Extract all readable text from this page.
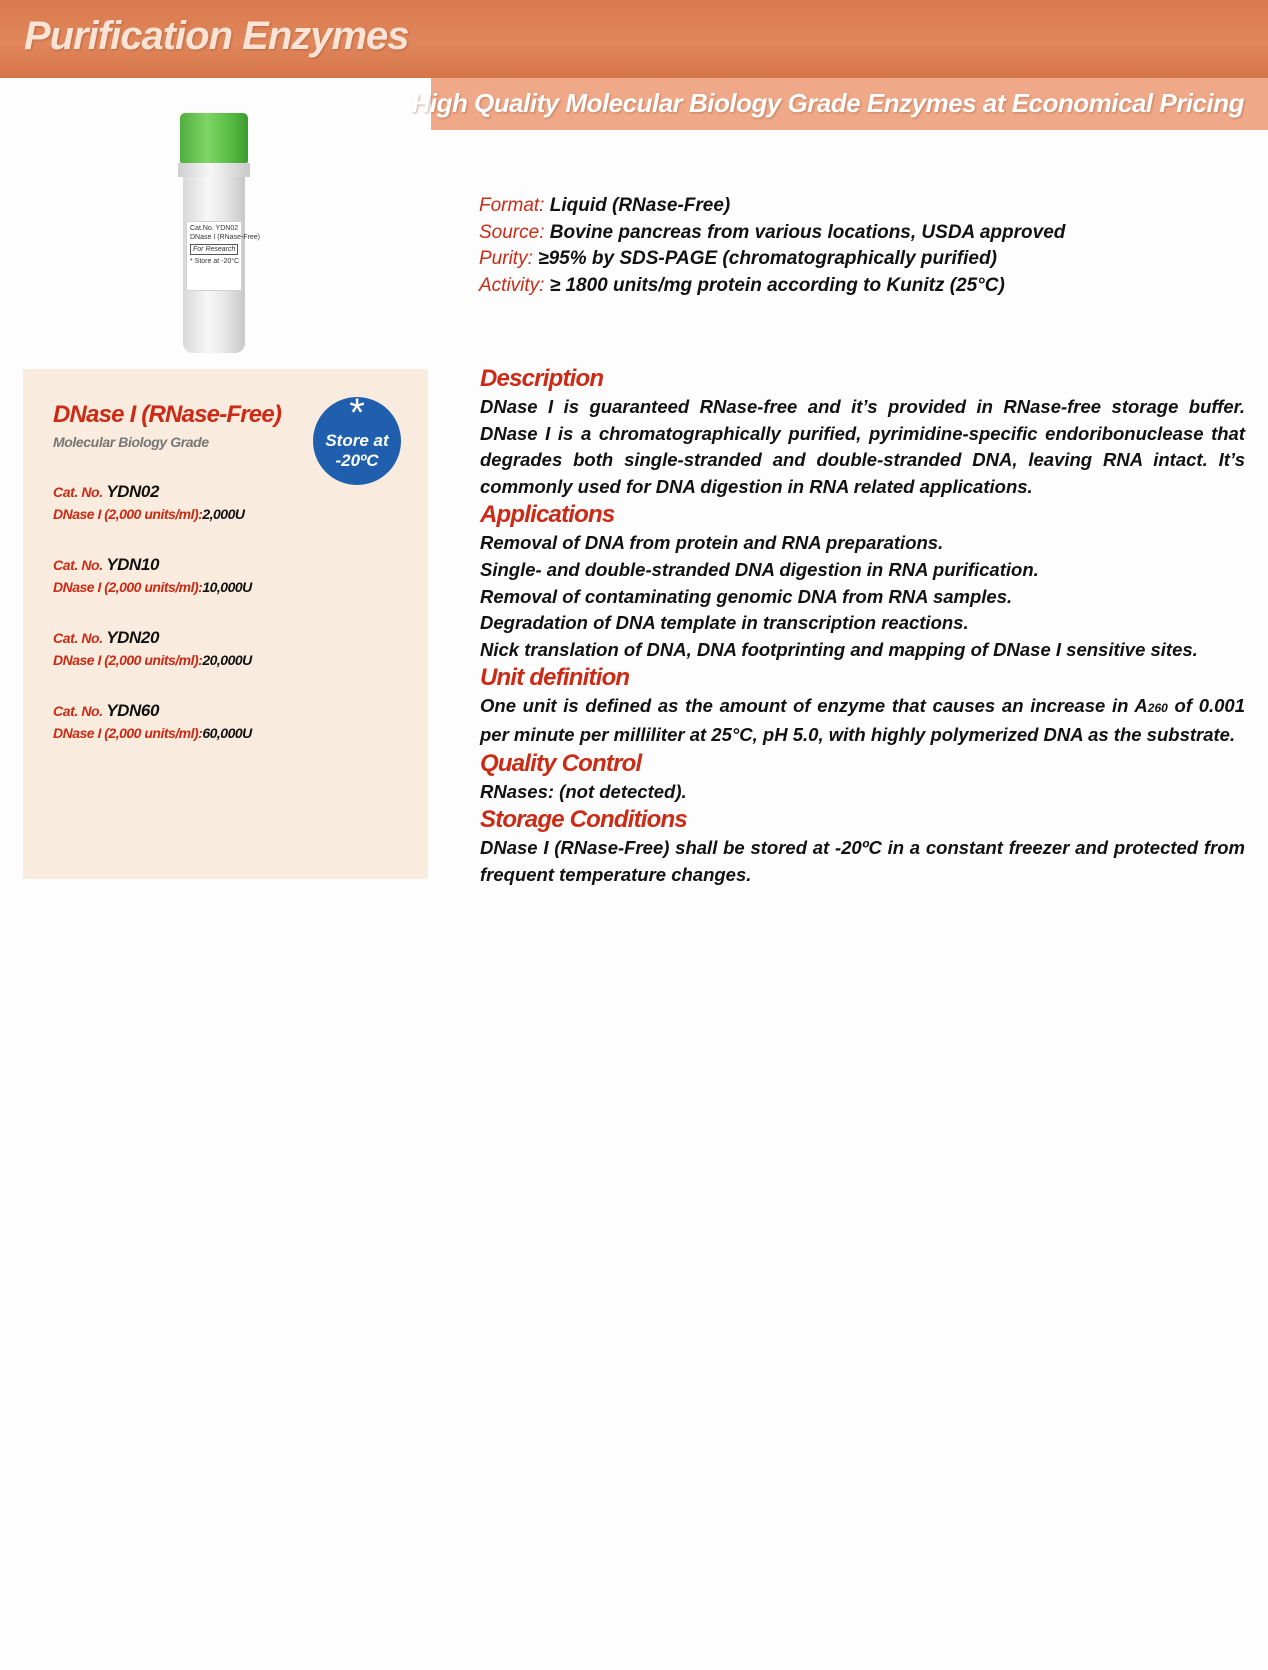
Purification Enzymes
High Quality Molecular Biology Grade Enzymes at Economical Pricing
Cat.No. YDN02
DNase I (RNase-Free)
For Research
* Store at -20°C
Format: Liquid (RNase-Free)
Source: Bovine pancreas from various locations, USDA approved
Purity: ≥95% by SDS-PAGE (chromatographically purified)
Activity: ≥ 1800 units/mg protein according to Kunitz (25°C)
DNase I (RNase-Free)
Molecular Biology Grade
*
Store at
-20ºC
Cat. No. YDN02
DNase I (2,000 units/ml):2,000U
Cat. No. YDN10
DNase I (2,000 units/ml):10,000U
Cat. No. YDN20
DNase I (2,000 units/ml):20,000U
Cat. No. YDN60
DNase I (2,000 units/ml):60,000U
Description

DNase I is guaranteed RNase-free and it’s provided in RNase-free storage buffer. DNase I is a chromatographically purified, pyrimidine-specific endoribonuclease that degrades both single-stranded and double-stranded DNA, leaving RNA intact. It’s commonly used for DNA digestion in RNA related applications.

Applications
Removal of DNA from protein and RNA preparations.
Single- and double-stranded DNA digestion in RNA purification.
Removal of contaminating genomic DNA from RNA samples.
Degradation of DNA template in transcription reactions.
Nick translation of DNA, DNA footprinting and mapping of DNase I sensitive sites.
Unit definition

One unit is defined as the amount of enzyme that causes an increase in A260 of 0.001 per minute per milliliter at 25°C, pH 5.0, with highly polymerized DNA as the substrate.

Quality Control
RNases: (not detected).
Storage Conditions

DNase I (RNase-Free) shall be stored at -20ºC in a constant freezer and protected from frequent temperature changes.
